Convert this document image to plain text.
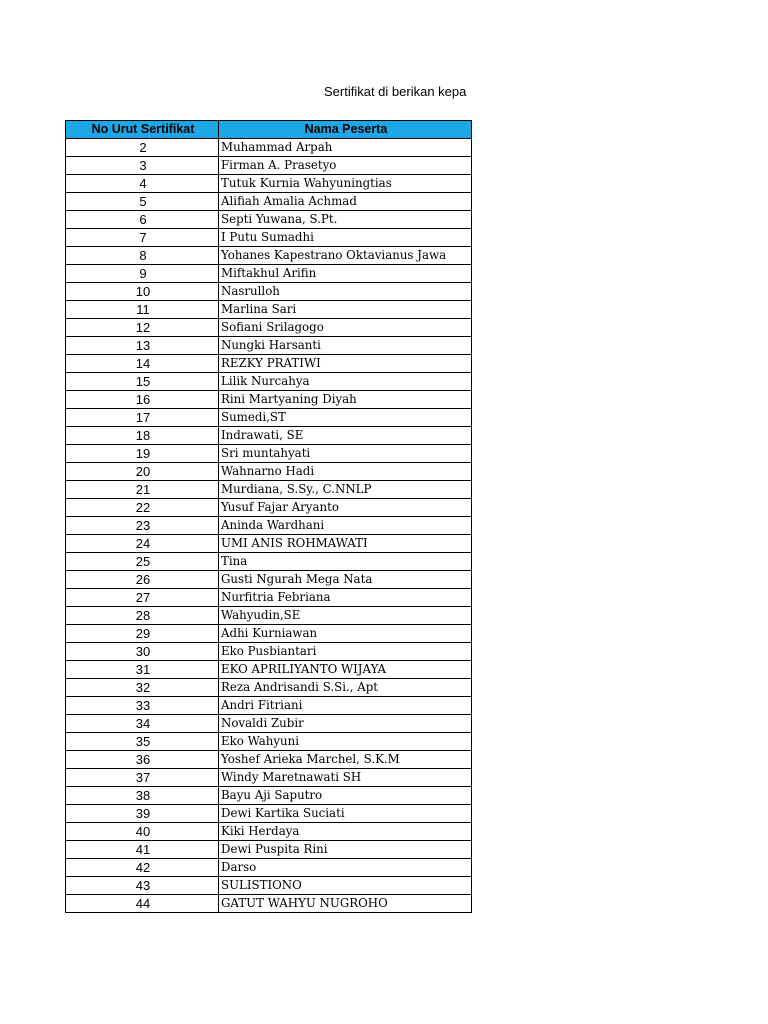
Sertifikat di berikan kepa
No Urut Sertifikat	Nama Peserta
2	Muhammad Arpah
3	Firman A. Prasetyo
4	Tutuk Kurnia Wahyuningtias
5	Alifiah Amalia Achmad
6	Septi Yuwana, S.Pt.
7	I Putu Sumadhi
8	Yohanes Kapestrano Oktavianus Jawa
9	Miftakhul Arifin
10	Nasrulloh
11	Marlina Sari
12	Sofiani Srilagogo
13	Nungki Harsanti
14	REZKY PRATIWI
15	Lilik Nurcahya
16	Rini Martyaning Diyah
17	Sumedi,ST
18	Indrawati, SE
19	Sri muntahyati
20	Wahnarno Hadi
21	Murdiana, S.Sy., C.NNLP
22	Yusuf Fajar Aryanto
23	Aninda Wardhani
24	UMI ANIS ROHMAWATI
25	Tina
26	Gusti Ngurah Mega Nata
27	Nurfitria Febriana
28	Wahyudin,SE
29	Adhi Kurniawan
30	Eko Pusbiantari
31	EKO APRILIYANTO WIJAYA
32	Reza Andrisandi S.Si., Apt
33	Andri Fitriani
34	Novaldi Zubir
35	Eko Wahyuni
36	Yoshef Arieka Marchel, S.K.M
37	Windy Maretnawati SH
38	Bayu Aji Saputro
39	Dewi Kartika Suciati
40	Kiki Herdaya
41	Dewi Puspita Rini
42	Darso
43	SULISTIONO
44	GATUT WAHYU NUGROHO
